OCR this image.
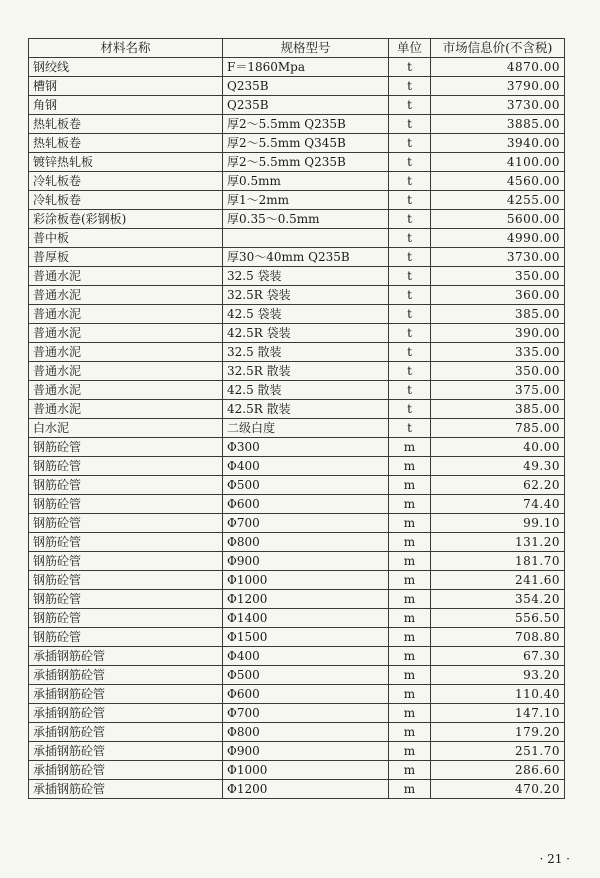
材料名称	规格型号	单位	市场信息价(不含税)
钢绞线	F＝1860Mpa	t	4870.00
槽钢	Q235B	t	3790.00
角钢	Q235B	t	3730.00
热轧板卷	厚2～5.5mm Q235B	t	3885.00
热轧板卷	厚2～5.5mm Q345B	t	3940.00
镀锌热轧板	厚2～5.5mm Q235B	t	4100.00
冷轧板卷	厚0.5mm	t	4560.00
冷轧板卷	厚1～2mm	t	4255.00
彩涂板卷(彩钢板)	厚0.35～0.5mm	t	5600.00
普中板		t	4990.00
普厚板	厚30～40mm Q235B	t	3730.00
普通水泥	32.5 袋装	t	350.00
普通水泥	32.5R 袋装	t	360.00
普通水泥	42.5 袋装	t	385.00
普通水泥	42.5R 袋装	t	390.00
普通水泥	32.5 散装	t	335.00
普通水泥	32.5R 散装	t	350.00
普通水泥	42.5 散装	t	375.00
普通水泥	42.5R 散装	t	385.00
白水泥	二级白度	t	785.00
钢筋砼管	Φ300	m	40.00
钢筋砼管	Φ400	m	49.30
钢筋砼管	Φ500	m	62.20
钢筋砼管	Φ600	m	74.40
钢筋砼管	Φ700	m	99.10
钢筋砼管	Φ800	m	131.20
钢筋砼管	Φ900	m	181.70
钢筋砼管	Φ1000	m	241.60
钢筋砼管	Φ1200	m	354.20
钢筋砼管	Φ1400	m	556.50
钢筋砼管	Φ1500	m	708.80
承插钢筋砼管	Φ400	m	67.30
承插钢筋砼管	Φ500	m	93.20
承插钢筋砼管	Φ600	m	110.40
承插钢筋砼管	Φ700	m	147.10
承插钢筋砼管	Φ800	m	179.20
承插钢筋砼管	Φ900	m	251.70
承插钢筋砼管	Φ1000	m	286.60
承插钢筋砼管	Φ1200	m	470.20
· 21 ·
